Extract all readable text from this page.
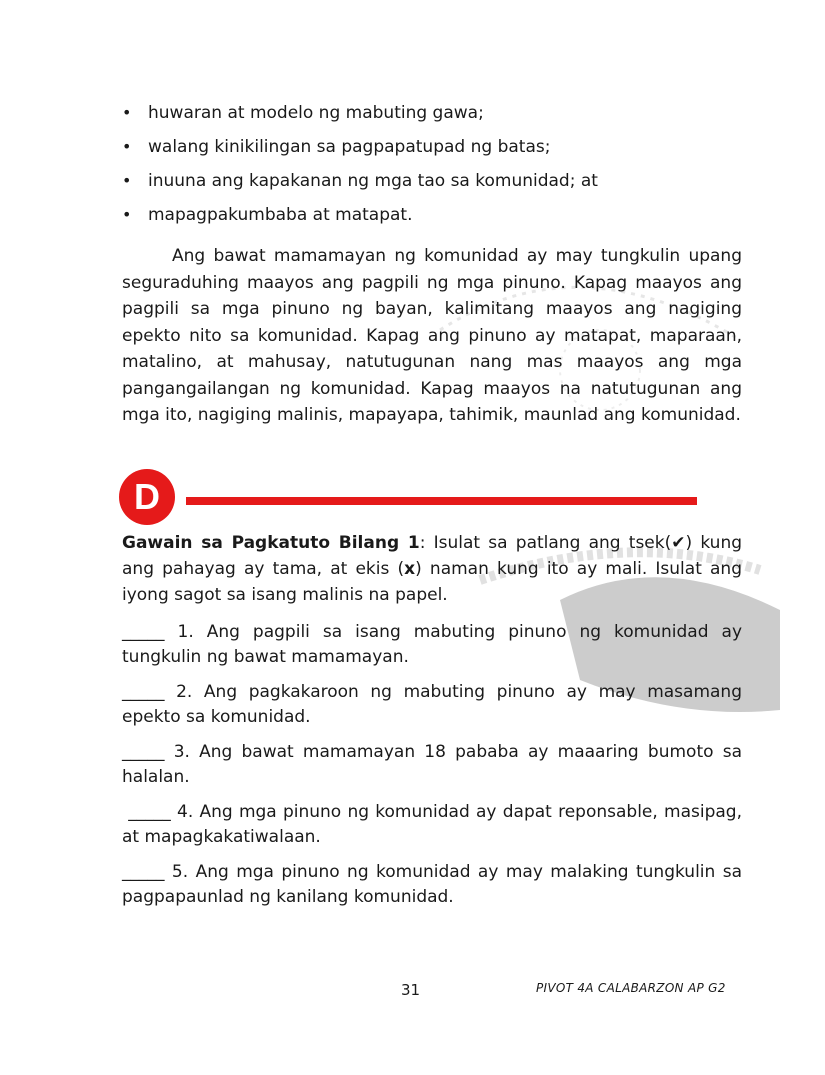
• huwaran at modelo ng mabuting gawa;
• walang kinikilingan sa pagpapatupad ng batas;
• inuuna ang kapakanan ng mga tao sa komunidad; at
• mapagpakumbaba at matapat.

Ang bawat mamamayan ng komunidad ay may tungkulin upang seguraduhing maayos ang pagpili ng mga pinuno. Kapag maayos ang pagpili sa mga pinuno ng bayan, kalimitang maayos ang nagiging epekto nito sa komunidad. Kapag ang pinuno ay matapat, maparaan, matalino, at mahusay, natutugunan nang mas maayos ang mga pangangailangan ng komunidad. Kapag maayos na natutugunan ang mga ito, nagiging malinis, mapayapa, tahimik, maunlad ang komunidad.

D

Gawain sa Pagkatuto Bilang 1: Isulat sa patlang ang tsek(✔) kung ang pahayag ay tama, at ekis (x) naman kung ito ay mali. Isulat ang iyong sagot sa isang malinis na papel.

_____ 1. Ang pagpili sa isang mabuting pinuno ng komunidad ay tungkulin ng bawat mamamayan.
_____ 2. Ang pagkakaroon ng mabuting pinuno ay may masamang epekto sa komunidad.
_____ 3. Ang bawat mamamayan 18 pababa ay maaaring bumoto sa halalan.
_____ 4. Ang mga pinuno ng komunidad ay dapat reponsable, masipag, at mapagkakatiwalaan.
_____ 5. Ang mga pinuno ng komunidad ay may malaking tungkulin sa pagpapaunlad ng kanilang komunidad.
31	PIVOT 4A CALABARZON AP G2
